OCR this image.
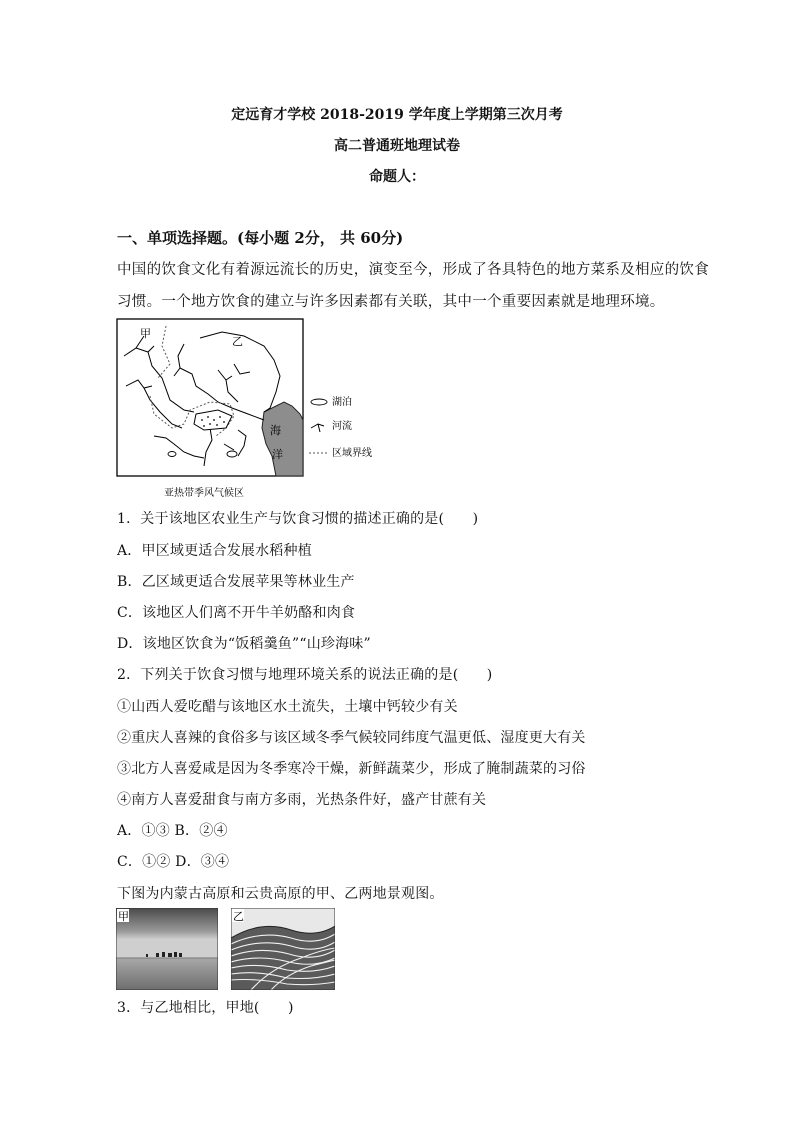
定远育才学校 2018-2019 学年度上学期第三次月考
高二普通班地理试卷
命题人：
一、单项选择题。(每小题 2分， 共 60分)
中国的饮食文化有着源远流长的历史，演变至今，形成了各具特色的地方菜系及相应的饮食
习惯。一个地方饮食的建立与许多因素都有关联，其中一个重要因素就是地理环境。
甲
乙
海
洋
湖泊
河流
区域界线
亚热带季风气候区
1．关于该地区农业生产与饮食习惯的描述正确的是(　　)
A．甲区域更适合发展水稻种植
B．乙区域更适合发展苹果等林业生产
C．该地区人们离不开牛羊奶酪和肉食
D．该地区饮食为“饭稻羹鱼”“山珍海味”
2．下列关于饮食习惯与地理环境关系的说法正确的是(　　)
①山西人爱吃醋与该地区水土流失，土壤中钙较少有关
②重庆人喜辣的食俗多与该区域冬季气候较同纬度气温更低、湿度更大有关
③北方人喜爱咸是因为冬季寒冷干燥，新鲜蔬菜少，形成了腌制蔬菜的习俗
④南方人喜爱甜食与南方多雨，光热条件好，盛产甘蔗有关
A．①③ B．②④
C．①② D．③④
下图为内蒙古高原和云贵高原的甲、乙两地景观图。
甲	乙
3．与乙地相比，甲地(　　)
